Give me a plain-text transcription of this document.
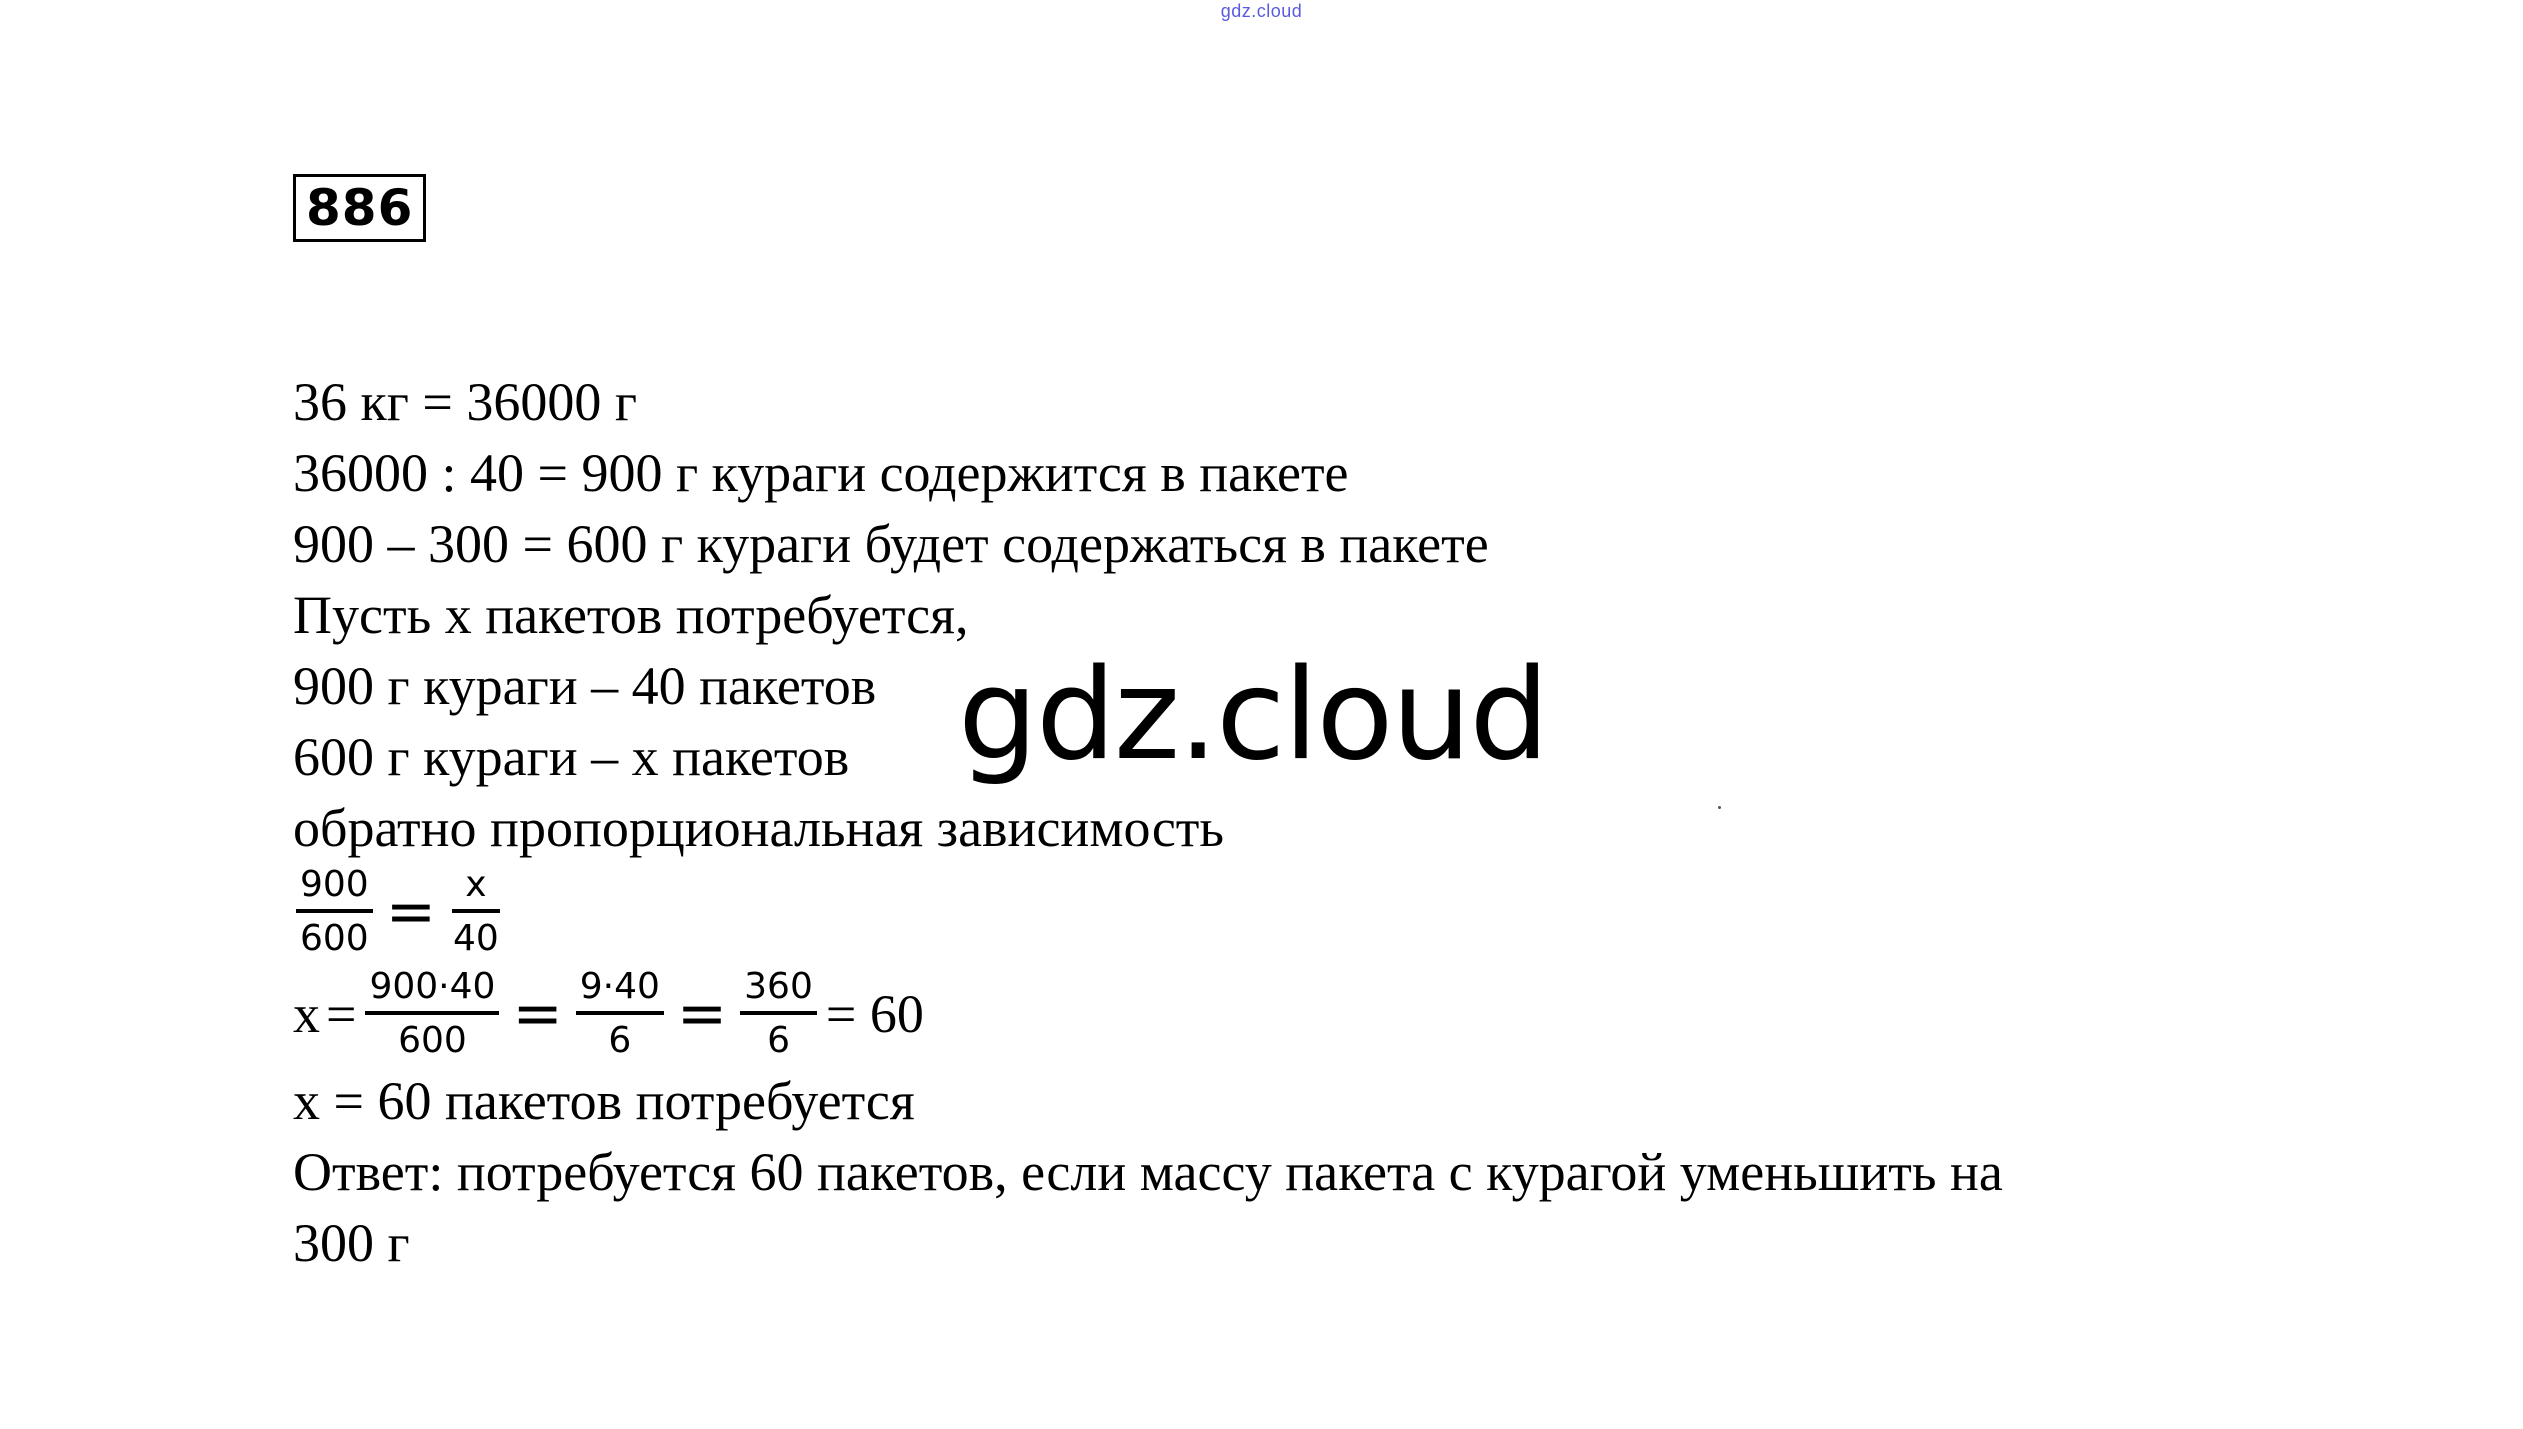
gdz.cloud
886
36 кг = 36000 г
36000 : 40 = 900 г кураги содержится в пакете
900 – 300 = 600 г кураги будет содержаться в пакете
Пусть х пакетов потребуется,
900 г кураги – 40 пакетов
600 г кураги – х пакетов
обратно пропорциональная зависимость
$\frac{900}{600} = \frac{x}{40}$
$x = \frac{900\cdot 40}{600} = \frac{9\cdot 40}{6} = \frac{360}{6} = 60$
х = 60 пакетов потребуется
Ответ: потребуется 60 пакетов, если массу пакета с курагой уменьшить на
300 г
gdz.cloud
